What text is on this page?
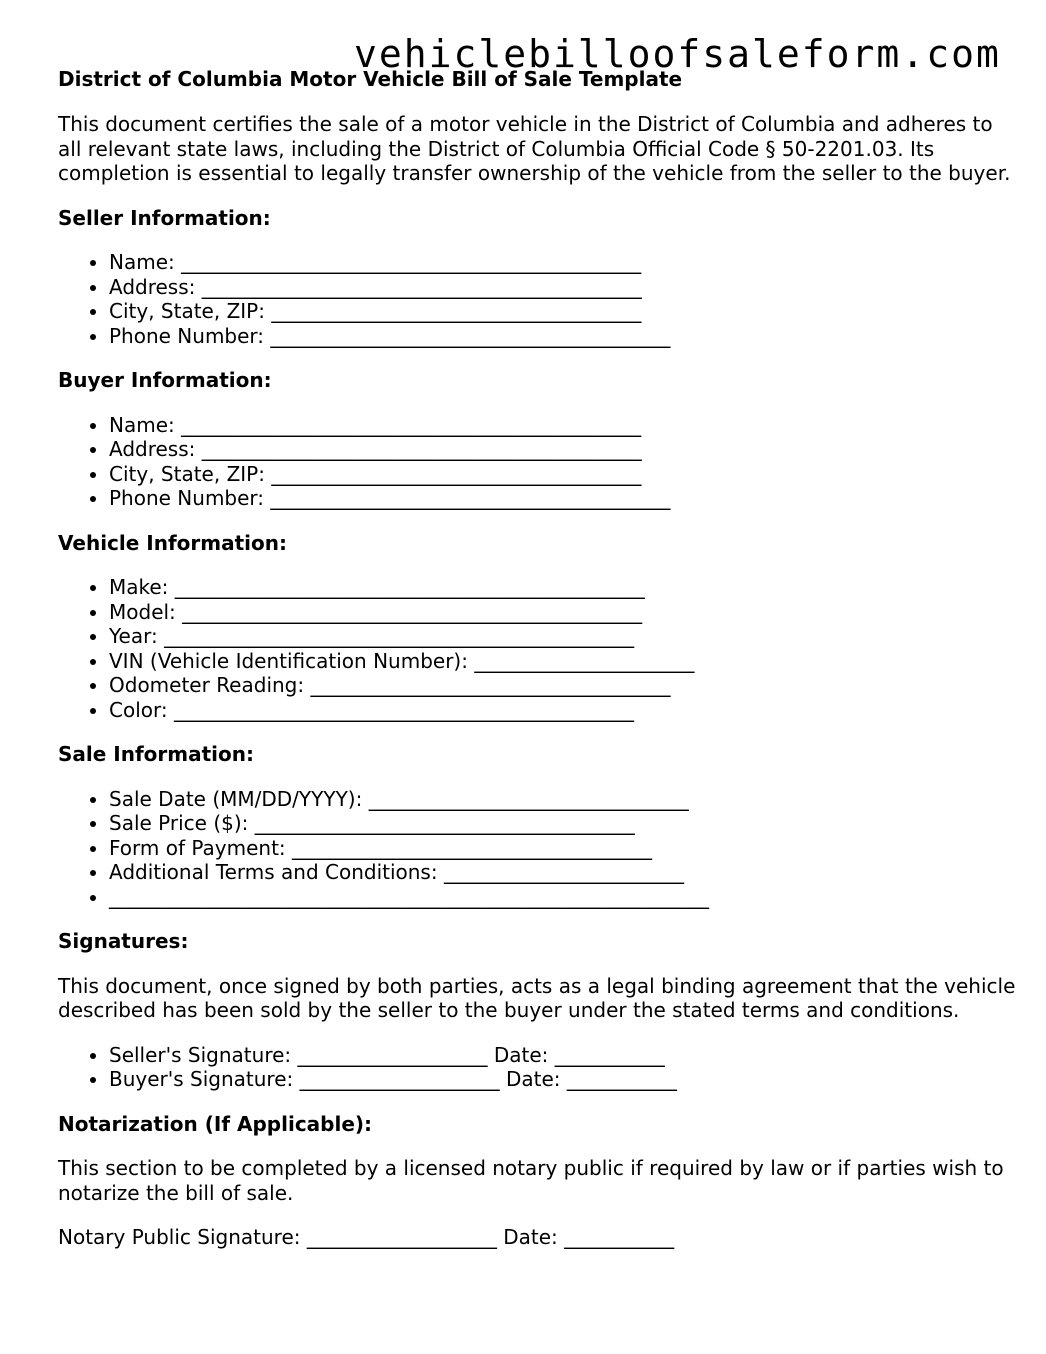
vehiclebilloofsaleform.com

District of Columbia Motor Vehicle Bill of Sale Template

This document certifies the sale of a motor vehicle in the District of Columbia and adheres to all relevant state laws, including the District of Columbia Official Code § 50-2201.03. Its completion is essential to legally transfer ownership of the vehicle from the seller to the buyer.

Seller Information:
• Name: ______________________________________________
• Address: ____________________________________________
• City, State, ZIP: _____________________________________
• Phone Number: ________________________________________
Buyer Information:
• Name: ______________________________________________
• Address: ____________________________________________
• City, State, ZIP: _____________________________________
• Phone Number: ________________________________________
Vehicle Information:
• Make: _______________________________________________
• Model: ______________________________________________
• Year: _______________________________________________
• VIN (Vehicle Identification Number): ______________________
• Odometer Reading: ____________________________________
• Color: ______________________________________________
Sale Information:
• Sale Date (MM/DD/YYYY): ________________________________
• Sale Price ($): ______________________________________
• Form of Payment: ____________________________________
• Additional Terms and Conditions: ________________________
• ____________________________________________________________
Signatures:

This document, once signed by both parties, acts as a legal binding agreement that the vehicle described has been sold by the seller to the buyer under the stated terms and conditions.

• Seller's Signature: ___________________ Date: ___________
• Buyer's Signature: ____________________ Date: ___________
Notarization (If Applicable):

This section to be completed by a licensed notary public if required by law or if parties wish to notarize the bill of sale.

Notary Public Signature: ___________________ Date: ___________
